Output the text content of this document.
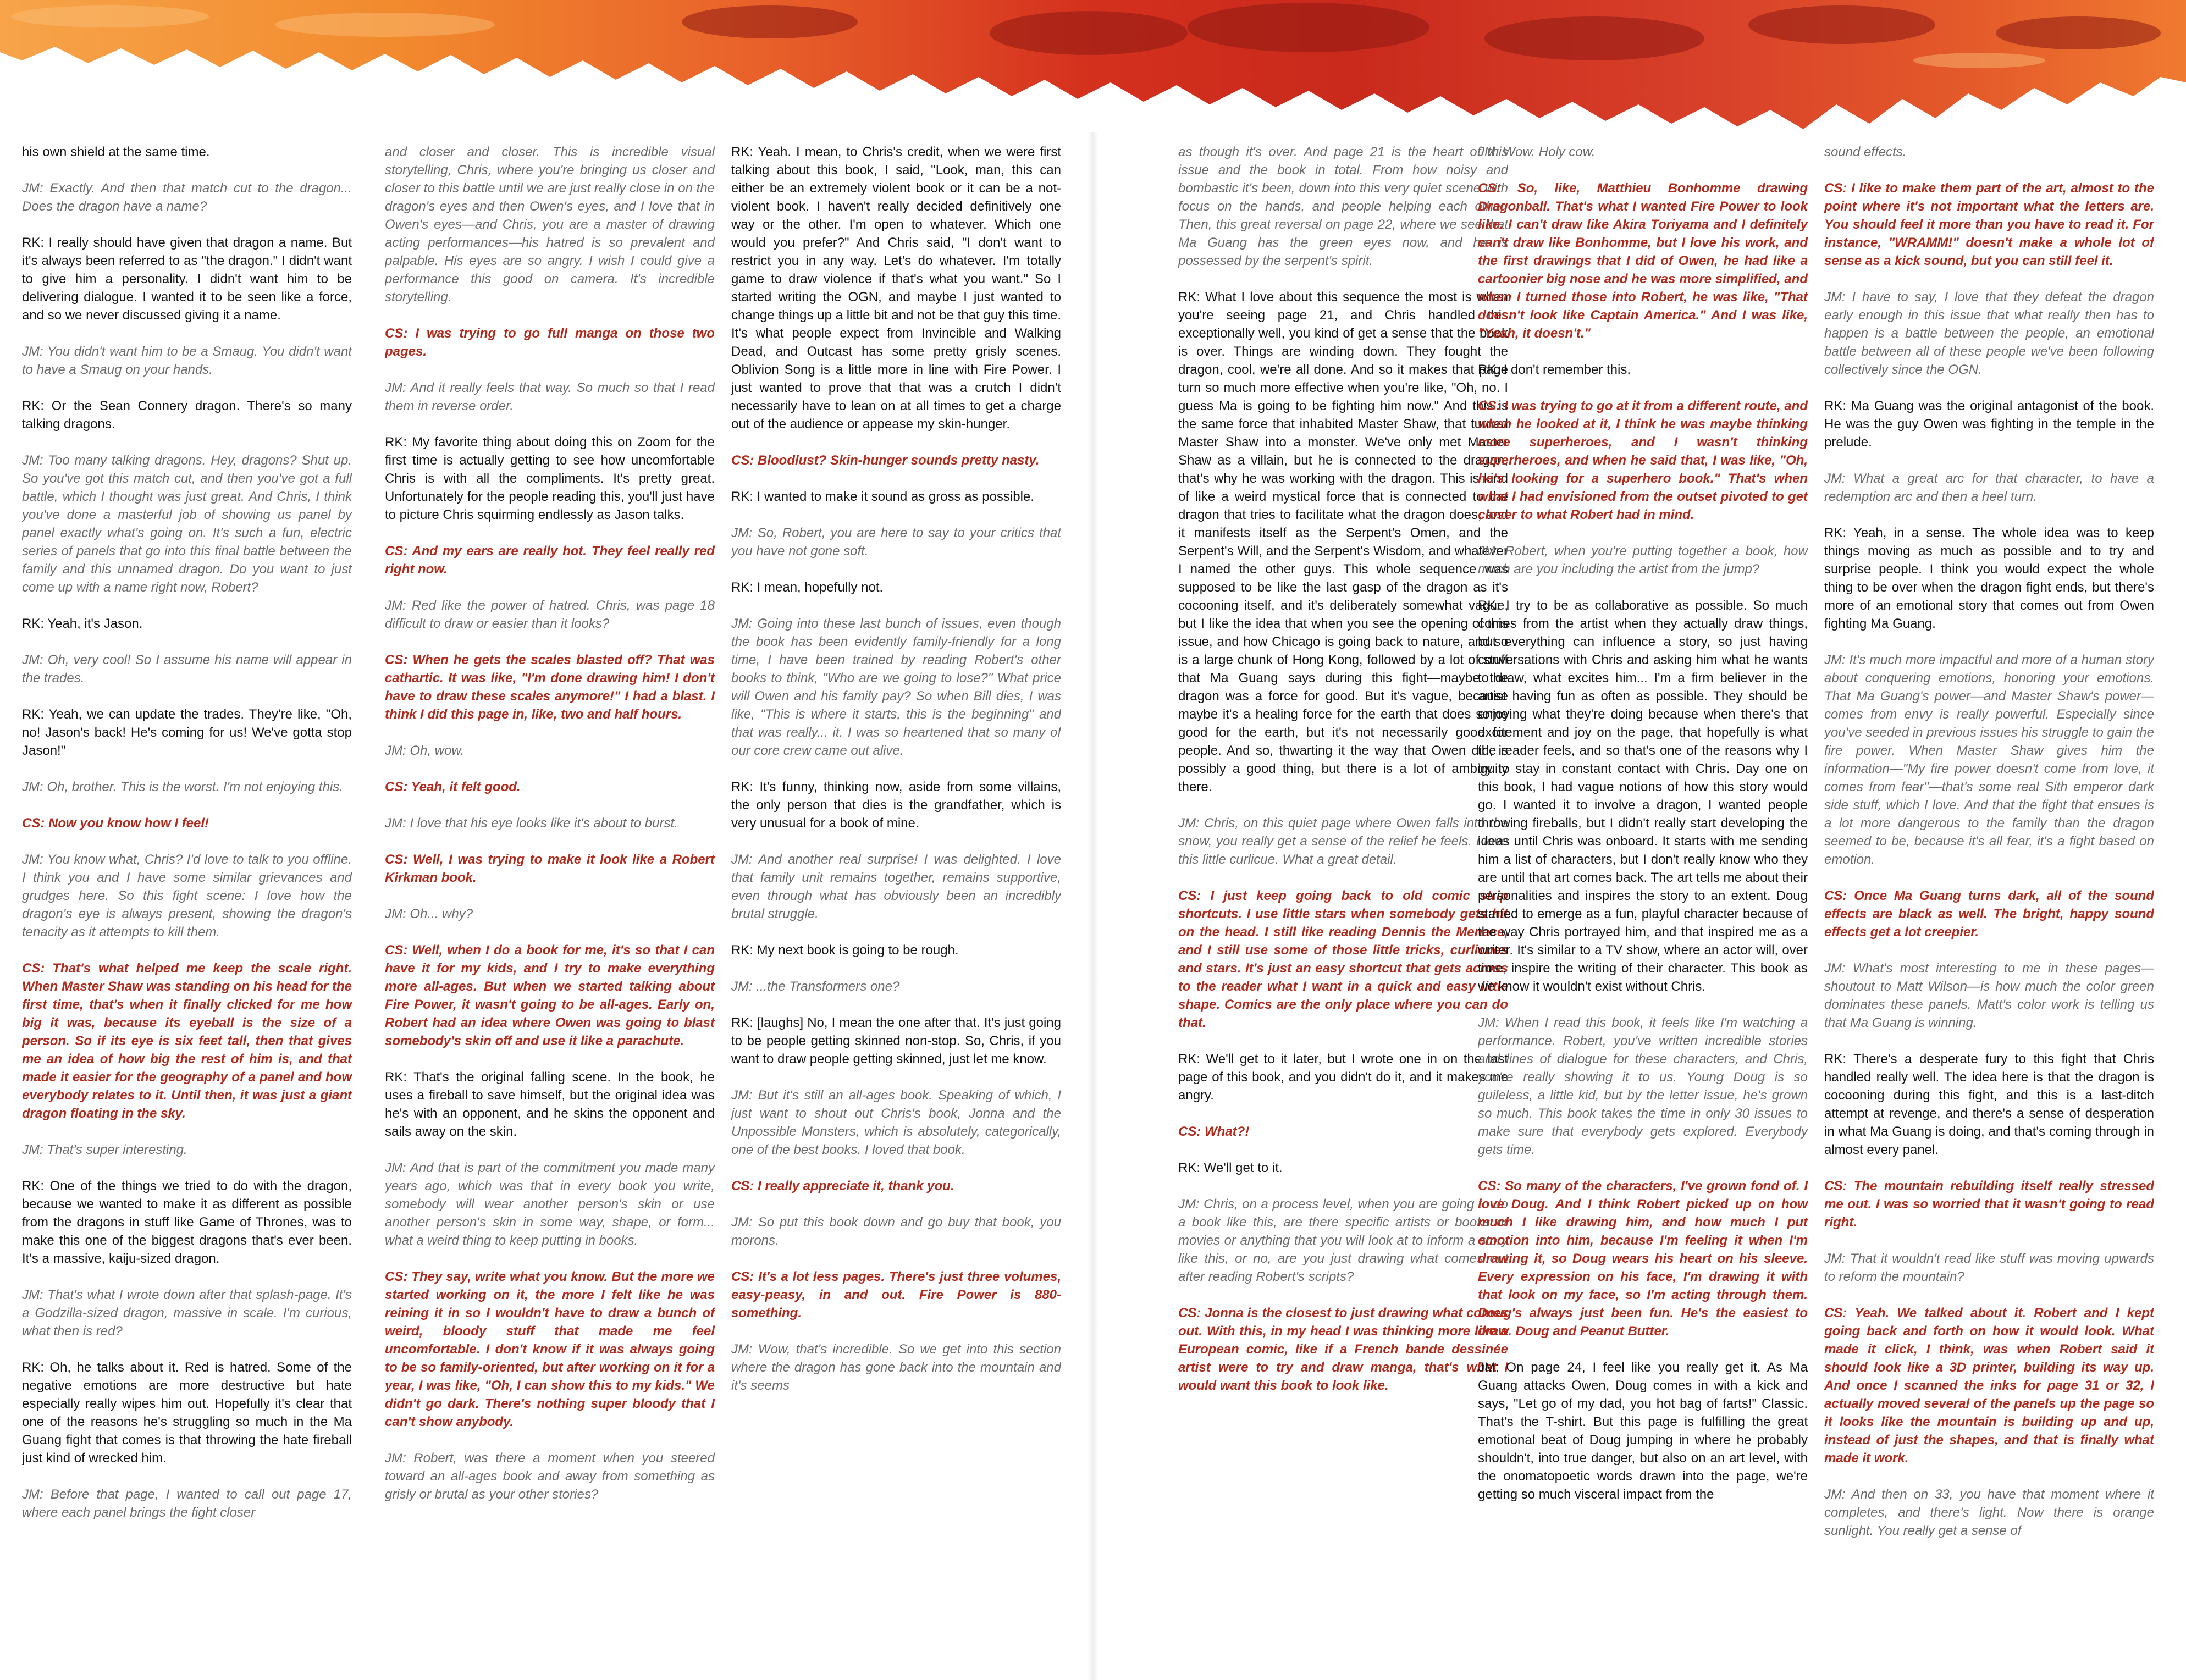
his own shield at the same time.

JM: Exactly. And then that match cut to the dragon... Does the dragon have a name?

RK: I really should have given that dragon a name. But it's always been referred to as "the dragon." I didn't want to give him a personality. I didn't want him to be delivering dialogue. I wanted it to be seen like a force, and so we never discussed giving it a name.

JM: You didn't want him to be a Smaug. You didn't want to have a Smaug on your hands.

RK: Or the Sean Connery dragon. There's so many talking dragons.

JM: Too many talking dragons. Hey, dragons? Shut up. So you've got this match cut, and then you've got a full battle, which I thought was just great. And Chris, I think you've done a masterful job of showing us panel by panel exactly what's going on. It's such a fun, electric series of panels that go into this final battle between the family and this unnamed dragon. Do you want to just come up with a name right now, Robert?

RK: Yeah, it's Jason.

JM: Oh, very cool! So I assume his name will appear in the trades.

RK: Yeah, we can update the trades. They're like, "Oh, no! Jason's back! He's coming for us! We've gotta stop Jason!"

JM: Oh, brother. This is the worst. I'm not enjoying this.

CS: Now you know how I feel!

JM: You know what, Chris? I'd love to talk to you offline. I think you and I have some similar grievances and grudges here. So this fight scene: I love how the dragon's eye is always present, showing the dragon's tenacity as it attempts to kill them.

CS: That's what helped me keep the scale right. When Master Shaw was standing on his head for the first time, that's when it finally clicked for me how big it was, because its eyeball is the size of a person. So if its eye is six feet tall, then that gives me an idea of how big the rest of him is, and that made it easier for the geography of a panel and how everybody relates to it. Until then, it was just a giant dragon floating in the sky.

JM: That's super interesting.

RK: One of the things we tried to do with the dragon, because we wanted to make it as different as possible from the dragons in stuff like Game of Thrones, was to make this one of the biggest dragons that's ever been. It's a massive, kaiju-sized dragon.

JM: That's what I wrote down after that splash-page. It's a Godzilla-sized dragon, massive in scale. I'm curious, what then is red?

RK: Oh, he talks about it. Red is hatred. Some of the negative emotions are more destructive but hate especially really wipes him out. Hopefully it's clear that one of the reasons he's struggling so much in the Ma Guang fight that comes is that throwing the hate fireball just kind of wrecked him.

JM: Before that page, I wanted to call out page 17, where each panel brings the fight closer

and closer and closer. This is incredible visual storytelling, Chris, where you're bringing us closer and closer to this battle until we are just really close in on the dragon's eyes and then Owen's eyes, and I love that in Owen's eyes—and Chris, you are a master of drawing acting performances—his hatred is so prevalent and palpable. His eyes are so angry. I wish I could give a performance this good on camera. It's incredible storytelling.

CS: I was trying to go full manga on those two pages.

JM: And it really feels that way. So much so that I read them in reverse order.

RK: My favorite thing about doing this on Zoom for the first time is actually getting to see how uncomfortable Chris is with all the compliments. It's pretty great. Unfortunately for the people reading this, you'll just have to picture Chris squirming endlessly as Jason talks.

CS: And my ears are really hot. They feel really red right now.

JM: Red like the power of hatred. Chris, was page 18 difficult to draw or easier than it looks?

CS: When he gets the scales blasted off? That was cathartic. It was like, "I'm done drawing him! I don't have to draw these scales anymore!" I had a blast. I think I did this page in, like, two and half hours.

JM: Oh, wow.

CS: Yeah, it felt good.

JM: I love that his eye looks like it's about to burst.

CS: Well, I was trying to make it look like a Robert Kirkman book.

JM: Oh... why?

CS: Well, when I do a book for me, it's so that I can have it for my kids, and I try to make everything more all-ages. But when we started talking about Fire Power, it wasn't going to be all-ages. Early on, Robert had an idea where Owen was going to blast somebody's skin off and use it like a parachute.

RK: That's the original falling scene. In the book, he uses a fireball to save himself, but the original idea was he's with an opponent, and he skins the opponent and sails away on the skin.

JM: And that is part of the commitment you made many years ago, which was that in every book you write, somebody will wear another person's skin or use another person's skin in some way, shape, or form... what a weird thing to keep putting in books.

CS: They say, write what you know. But the more we started working on it, the more I felt like he was reining it in so I wouldn't have to draw a bunch of weird, bloody stuff that made me feel uncomfortable. I don't know if it was always going to be so family-oriented, but after working on it for a year, I was like, "Oh, I can show this to my kids." We didn't go dark. There's nothing super bloody that I can't show anybody.

JM: Robert, was there a moment when you steered toward an all-ages book and away from something as grisly or brutal as your other stories?

RK: Yeah. I mean, to Chris's credit, when we were first talking about this book, I said, "Look, man, this can either be an extremely violent book or it can be a not-violent book. I haven't really decided definitively one way or the other. I'm open to whatever. Which one would you prefer?" And Chris said, "I don't want to restrict you in any way. Let's do whatever. I'm totally game to draw violence if that's what you want." So I started writing the OGN, and maybe I just wanted to change things up a little bit and not be that guy this time. It's what people expect from Invincible and Walking Dead, and Outcast has some pretty grisly scenes. Oblivion Song is a little more in line with Fire Power. I just wanted to prove that that was a crutch I didn't necessarily have to lean on at all times to get a charge out of the audience or appease my skin-hunger.

CS: Bloodlust? Skin-hunger sounds pretty nasty.

RK: I wanted to make it sound as gross as possible.

JM: So, Robert, you are here to say to your critics that you have not gone soft.

RK: I mean, hopefully not.

JM: Going into these last bunch of issues, even though the book has been evidently family-friendly for a long time, I have been trained by reading Robert's other books to think, "Who are we going to lose?" What price will Owen and his family pay? So when Bill dies, I was like, "This is where it starts, this is the beginning" and that was really... it. I was so heartened that so many of our core crew came out alive.

RK: It's funny, thinking now, aside from some villains, the only person that dies is the grandfather, which is very unusual for a book of mine.

JM: And another real surprise! I was delighted. I love that family unit remains together, remains supportive, even through what has obviously been an incredibly brutal struggle.

RK: My next book is going to be rough.

JM: ...the Transformers one?

RK: [laughs] No, I mean the one after that. It's just going to be people getting skinned non-stop. So, Chris, if you want to draw people getting skinned, just let me know.

JM: But it's still an all-ages book. Speaking of which, I just want to shout out Chris's book, Jonna and the Unpossible Monsters, which is absolutely, categorically, one of the best books. I loved that book.

CS: I really appreciate it, thank you.

JM: So put this book down and go buy that book, you morons.

CS: It's a lot less pages. There's just three volumes, easy-peasy, in and out. Fire Power is 880-something.

JM: Wow, that's incredible. So we get into this section where the dragon has gone back into the mountain and it's seems

as though it's over. And page 21 is the heart of this issue and the book in total. From how noisy and bombastic it's been, down into this very quiet scene with focus on the hands, and people helping each other. Then, this great reversal on page 22, where we see that Ma Guang has the green eyes now, and he is possessed by the serpent's spirit.

RK: What I love about this sequence the most is when you're seeing page 21, and Chris handled this exceptionally well, you kind of get a sense that the book is over. Things are winding down. They fought the dragon, cool, we're all done. And so it makes that page turn so much more effective when you're like, "Oh, no. I guess Ma is going to be fighting him now." And this is the same force that inhabited Master Shaw, that turned Master Shaw into a monster. We've only met Master Shaw as a villain, but he is connected to the dragon, that's why he was working with the dragon. This is kind of like a weird mystical force that is connected to the dragon that tries to facilitate what the dragon does, and it manifests itself as the Serpent's Omen, and the Serpent's Will, and the Serpent's Wisdom, and whatever I named the other guys. This whole sequence was supposed to be like the last gasp of the dragon as it's cocooning itself, and it's deliberately somewhat vague, but I like the idea that when you see the opening of this issue, and how Chicago is going back to nature, and so is a large chunk of Hong Kong, followed by a lot of stuff that Ma Guang says during this fight—maybe the dragon was a force for good. But it's vague, because maybe it's a healing force for the earth that does some good for the earth, but it's not necessarily good for people. And so, thwarting it the way that Owen did, is possibly a good thing, but there is a lot of ambiguity there.

JM: Chris, on this quiet page where Owen falls into the snow, you really get a sense of the relief he feels. I love this little curlicue. What a great detail.

CS: I just keep going back to old comic strip shortcuts. I use little stars when somebody gets hit on the head. I still like reading Dennis the Menace, and I still use some of those little tricks, curlicues and stars. It's just an easy shortcut that gets across to the reader what I want in a quick and easy little shape. Comics are the only place where you can do that.

RK: We'll get to it later, but I wrote one in on the last page of this book, and you didn't do it, and it makes me angry.

CS: What?!

RK: We'll get to it.

JM: Chris, on a process level, when you are going to do a book like this, are there specific artists or books or movies or anything that you will look at to inform a story like this, or no, are you just drawing what comes out after reading Robert's scripts?

CS: Jonna is the closest to just drawing what comes out. With this, in my head I was thinking more like a European comic, like if a French bande dessinée artist were to try and draw manga, that's what I would want this book to look like.

JM: Wow. Holy cow.

CS: So, like, Matthieu Bonhomme drawing Dragonball. That's what I wanted Fire Power to look like. I can't draw like Akira Toriyama and I definitely can't draw like Bonhomme, but I love his work, and the first drawings that I did of Owen, he had like a cartoonier big nose and he was more simplified, and when I turned those into Robert, he was like, "That doesn't look like Captain America." And I was like, "Yeah, it doesn't."

RK: I don't remember this.

CS: I was trying to go at it from a different route, and when he looked at it, I think he was maybe thinking more superheroes, and I wasn't thinking superheroes, and when he said that, I was like, "Oh, he's looking for a superhero book." That's when what I had envisioned from the outset pivoted to get closer to what Robert had in mind.

JM: Robert, when you're putting together a book, how much are you including the artist from the jump?

RK: I try to be as collaborative as possible. So much comes from the artist when they actually draw things, but everything can influence a story, so just having conversations with Chris and asking him what he wants to draw, what excites him... I'm a firm believer in the artist having fun as often as possible. They should be enjoying what they're doing because when there's that excitement and joy on the page, that hopefully is what the reader feels, and so that's one of the reasons why I try to stay in constant contact with Chris. Day one on this book, I had vague notions of how this story would go. I wanted it to involve a dragon, I wanted people throwing fireballs, but I didn't really start developing the ideas until Chris was onboard. It starts with me sending him a list of characters, but I don't really know who they are until that art comes back. The art tells me about their personalities and inspires the story to an extent. Doug started to emerge as a fun, playful character because of the way Chris portrayed him, and that inspired me as a writer. It's similar to a TV show, where an actor will, over time, inspire the writing of their character. This book as we know it wouldn't exist without Chris.

JM: When I read this book, it feels like I'm watching a performance. Robert, you've written incredible stories and lines of dialogue for these characters, and Chris, you're really showing it to us. Young Doug is so guileless, a little kid, but by the letter issue, he's grown so much. This book takes the time in only 30 issues to make sure that everybody gets explored. Everybody gets time.

CS: So many of the characters, I've grown fond of. I love Doug. And I think Robert picked up on how much I like drawing him, and how much I put emotion into him, because I'm feeling it when I'm drawing it, so Doug wears his heart on his sleeve. Every expression on his face, I'm drawing it with that look on my face, so I'm acting through them. Doug's always just been fun. He's the easiest to draw. Doug and Peanut Butter.

JM: On page 24, I feel like you really get it. As Ma Guang attacks Owen, Doug comes in with a kick and says, "Let go of my dad, you hot bag of farts!" Classic. That's the T-shirt. But this page is fulfilling the great emotional beat of Doug jumping in where he probably shouldn't, into true danger, but also on an art level, with the onomatopoetic words drawn into the page, we're getting so much visceral impact from the

sound effects.

CS: I like to make them part of the art, almost to the point where it's not important what the letters are. You should feel it more than you have to read it. For instance, "WRAMM!" doesn't make a whole lot of sense as a kick sound, but you can still feel it.

JM: I have to say, I love that they defeat the dragon early enough in this issue that what really then has to happen is a battle between the people, an emotional battle between all of these people we've been following collectively since the OGN.

RK: Ma Guang was the original antagonist of the book. He was the guy Owen was fighting in the temple in the prelude.

JM: What a great arc for that character, to have a redemption arc and then a heel turn.

RK: Yeah, in a sense. The whole idea was to keep things moving as much as possible and to try and surprise people. I think you would expect the whole thing to be over when the dragon fight ends, but there's more of an emotional story that comes out from Owen fighting Ma Guang.

JM: It's much more impactful and more of a human story about conquering emotions, honoring your emotions. That Ma Guang's power—and Master Shaw's power—comes from envy is really powerful. Especially since you've seeded in previous issues his struggle to gain the fire power. When Master Shaw gives him the information—"My fire power doesn't come from love, it comes from fear"—that's some real Sith emperor dark side stuff, which I love. And that the fight that ensues is a lot more dangerous to the family than the dragon seemed to be, because it's all fear, it's a fight based on emotion.

CS: Once Ma Guang turns dark, all of the sound effects are black as well. The bright, happy sound effects get a lot creepier.

JM: What's most interesting to me in these pages—shoutout to Matt Wilson—is how much the color green dominates these panels. Matt's color work is telling us that Ma Guang is winning.

RK: There's a desperate fury to this fight that Chris handled really well. The idea here is that the dragon is cocooning during this fight, and this is a last-ditch attempt at revenge, and there's a sense of desperation in what Ma Guang is doing, and that's coming through in almost every panel.

CS: The mountain rebuilding itself really stressed me out. I was so worried that it wasn't going to read right.

JM: That it wouldn't read like stuff was moving upwards to reform the mountain?

CS: Yeah. We talked about it. Robert and I kept going back and forth on how it would look. What made it click, I think, was when Robert said it should look like a 3D printer, building its way up. And once I scanned the inks for page 31 or 32, I actually moved several of the panels up the page so it looks like the mountain is building up and up, instead of just the shapes, and that is finally what made it work.

JM: And then on 33, you have that moment where it completes, and there's light. Now there is orange sunlight. You really get a sense of
